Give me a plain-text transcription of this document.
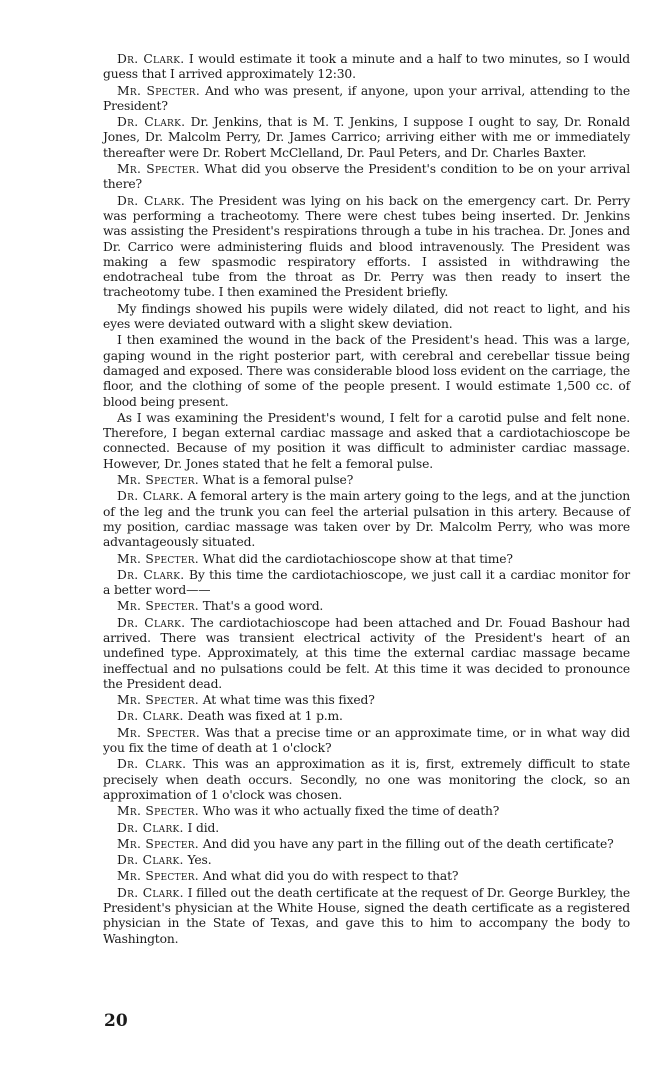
Dr. Clark. I would estimate it took a minute and a half to two minutes, so I would guess that I arrived approximately 12:30.

Mr. Specter. And who was present, if anyone, upon your arrival, attending to the President?

Dr. Clark. Dr. Jenkins, that is M. T. Jenkins, I suppose I ought to say, Dr. Ronald Jones, Dr. Malcolm Perry, Dr. James Carrico; arriving either with me or immediately thereafter were Dr. Robert McClelland, Dr. Paul Peters, and Dr. Charles Baxter.

Mr. Specter. What did you observe the President's condition to be on your arrival there?

Dr. Clark. The President was lying on his back on the emergency cart. Dr. Perry was performing a tracheotomy. There were chest tubes being inserted. Dr. Jenkins was assisting the President's respirations through a tube in his trachea. Dr. Jones and Dr. Carrico were administering fluids and blood intravenously. The President was making a few spasmodic respiratory efforts. I assisted in withdrawing the endotracheal tube from the throat as Dr. Perry was then ready to insert the tracheotomy tube. I then examined the President briefly.

My findings showed his pupils were widely dilated, did not react to light, and his eyes were deviated outward with a slight skew deviation.

I then examined the wound in the back of the President's head. This was a large, gaping wound in the right posterior part, with cerebral and cerebellar tissue being damaged and exposed. There was considerable blood loss evident on the carriage, the floor, and the clothing of some of the people present. I would estimate 1,500 cc. of blood being present.

As I was examining the President's wound, I felt for a carotid pulse and felt none. Therefore, I began external cardiac massage and asked that a cardiotachioscope be connected. Because of my position it was difficult to administer cardiac massage. However, Dr. Jones stated that he felt a femoral pulse.

Mr. Specter. What is a femoral pulse?

Dr. Clark. A femoral artery is the main artery going to the legs, and at the junction of the leg and the trunk you can feel the arterial pulsation in this artery. Because of my position, cardiac massage was taken over by Dr. Malcolm Perry, who was more advantageously situated.

Mr. Specter. What did the cardiotachioscope show at that time?

Dr. Clark. By this time the cardiotachioscope, we just call it a cardiac monitor for a better word——

Mr. Specter. That's a good word.

Dr. Clark. The cardiotachioscope had been attached and Dr. Fouad Bashour had arrived. There was transient electrical activity of the President's heart of an undefined type. Approximately, at this time the external cardiac massage became ineffectual and no pulsations could be felt. At this time it was decided to pronounce the President dead.

Mr. Specter. At what time was this fixed?

Dr. Clark. Death was fixed at 1 p.m.

Mr. Specter. Was that a precise time or an approximate time, or in what way did you fix the time of death at 1 o'clock?

Dr. Clark. This was an approximation as it is, first, extremely difficult to state precisely when death occurs. Secondly, no one was monitoring the clock, so an approximation of 1 o'clock was chosen.

Mr. Specter. Who was it who actually fixed the time of death?

Dr. Clark. I did.

Mr. Specter. And did you have any part in the filling out of the death certificate?

Dr. Clark. Yes.

Mr. Specter. And what did you do with respect to that?

Dr. Clark. I filled out the death certificate at the request of Dr. George Burkley, the President's physician at the White House, signed the death certificate as a registered physician in the State of Texas, and gave this to him to accompany the body to Washington.

20
